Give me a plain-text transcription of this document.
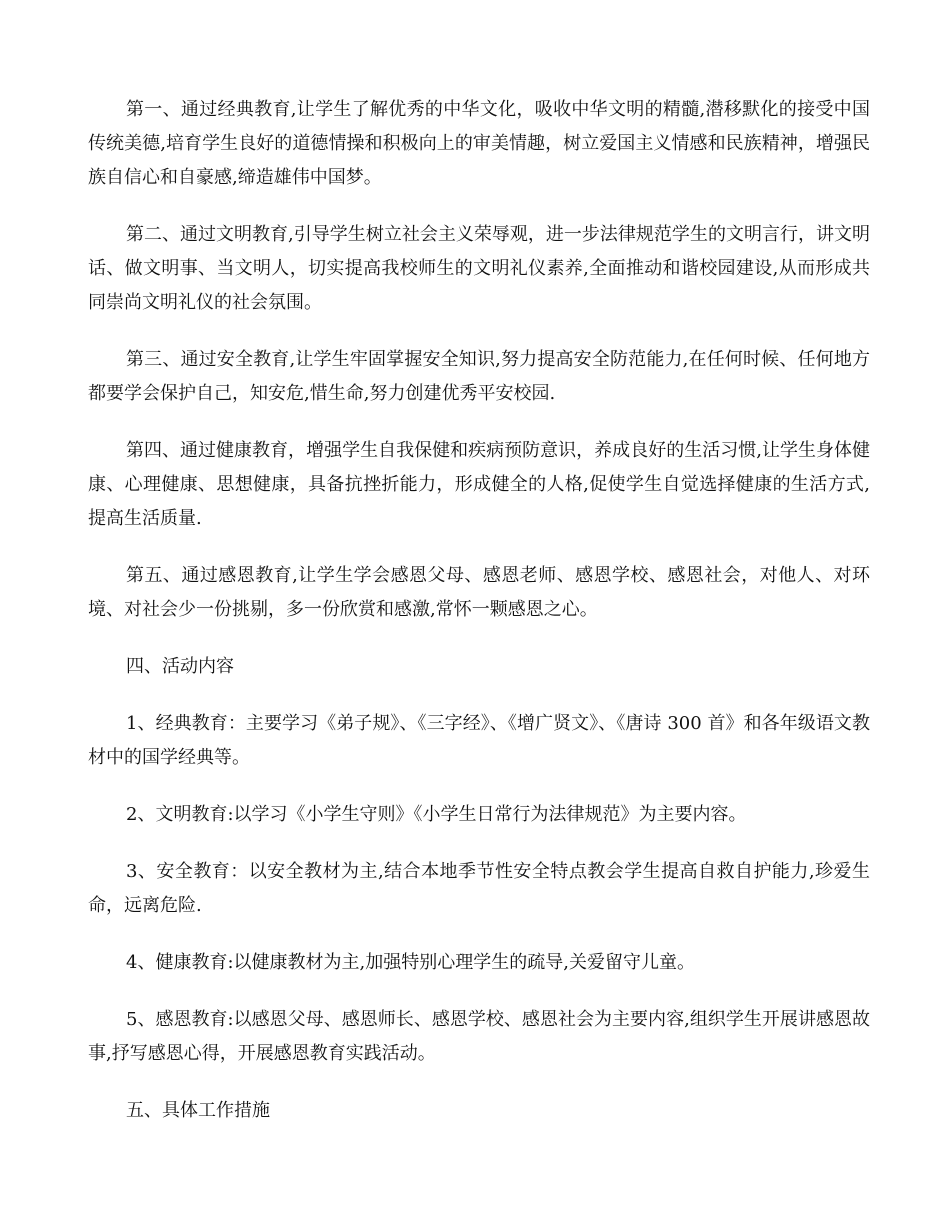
第一、通过经典教育,让学生了解优秀的中华文化，吸收中华文明的精髓,潜移默化的接受中国传统美德,培育学生良好的道德情操和积极向上的审美情趣，树立爱国主义情感和民族精神，增强民族自信心和自豪感,缔造雄伟中国梦。

第二、通过文明教育,引导学生树立社会主义荣辱观，进一步法律规范学生的文明言行，讲文明话、做文明事、当文明人，切实提高我校师生的文明礼仪素养,全面推动和谐校园建设,从而形成共同崇尚文明礼仪的社会氛围。

第三、通过安全教育,让学生牢固掌握安全知识,努力提高安全防范能力,在任何时候、任何地方都要学会保护自己，知安危,惜生命,努力创建优秀平安校园.

第四、通过健康教育，增强学生自我保健和疾病预防意识，养成良好的生活习惯,让学生身体健康、心理健康、思想健康，具备抗挫折能力，形成健全的人格,促使学生自觉选择健康的生活方式,提高生活质量.

第五、通过感恩教育,让学生学会感恩父母、感恩老师、感恩学校、感恩社会，对他人、对环境、对社会少一份挑剔，多一份欣赏和感激,常怀一颗感恩之心。

四、活动内容

1、经典教育：主要学习《弟子规》、《三字经》、《增广贤文》、《唐诗 300 首》和各年级语文教材中的国学经典等。

2、文明教育:以学习《小学生守则》《小学生日常行为法律规范》为主要内容。

3、安全教育：以安全教材为主,结合本地季节性安全特点教会学生提高自救自护能力,珍爱生命，远离危险.

4、健康教育:以健康教材为主,加强特别心理学生的疏导,关爱留守儿童。

5、感恩教育:以感恩父母、感恩师长、感恩学校、感恩社会为主要内容,组织学生开展讲感恩故事,抒写感恩心得，开展感恩教育实践活动。

五、具体工作措施
